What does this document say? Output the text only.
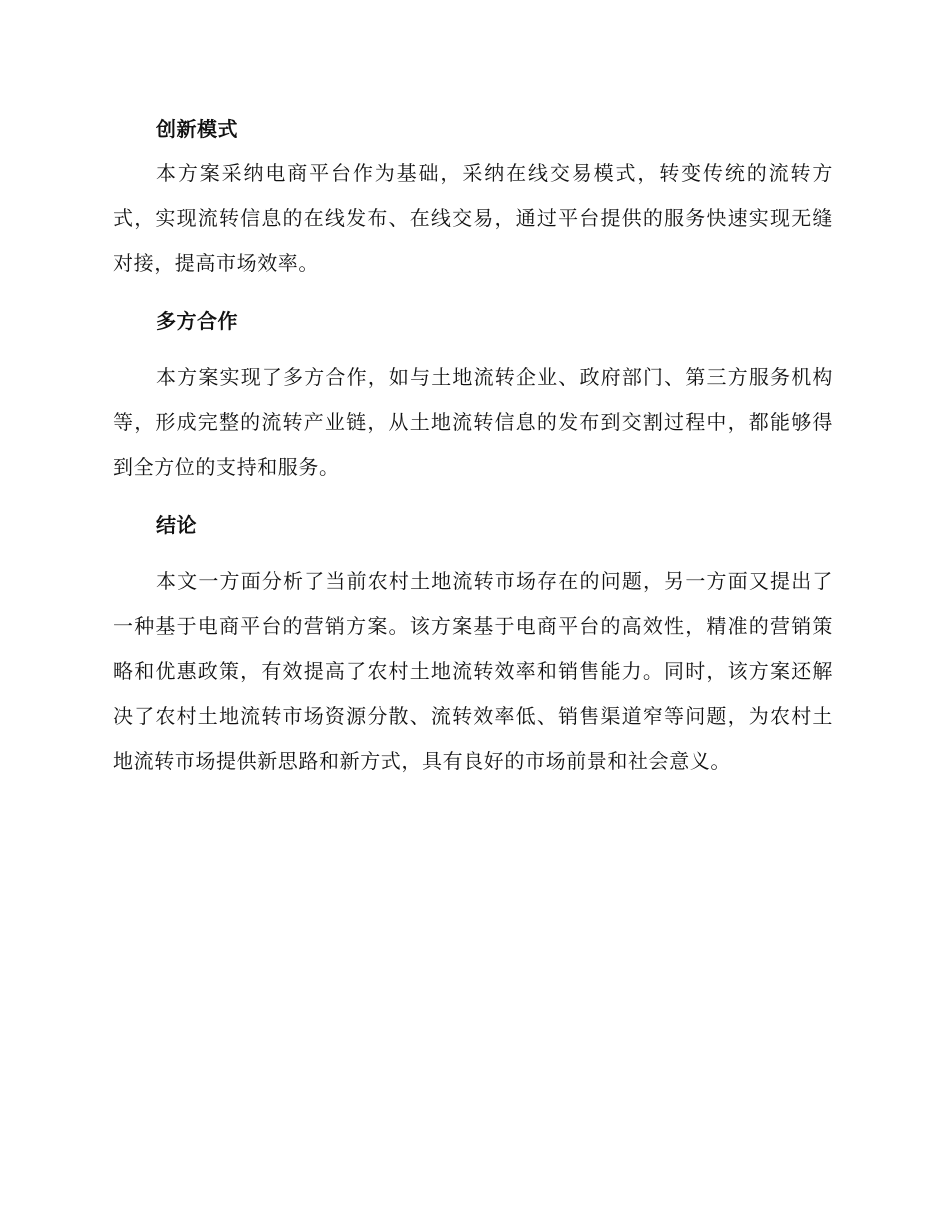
创新模式

本方案采纳电商平台作为基础，采纳在线交易模式，转变传统的流转方式，实现流转信息的在线发布、在线交易，通过平台提供的服务快速实现无缝对接，提高市场效率。

多方合作

本方案实现了多方合作，如与土地流转企业、政府部门、第三方服务机构等，形成完整的流转产业链，从土地流转信息的发布到交割过程中，都能够得到全方位的支持和服务。

结论

本文一方面分析了当前农村土地流转市场存在的问题，另一方面又提出了一种基于电商平台的营销方案。该方案基于电商平台的高效性，精准的营销策略和优惠政策，有效提高了农村土地流转效率和销售能力。同时，该方案还解决了农村土地流转市场资源分散、流转效率低、销售渠道窄等问题，为农村土地流转市场提供新思路和新方式，具有良好的市场前景和社会意义。
